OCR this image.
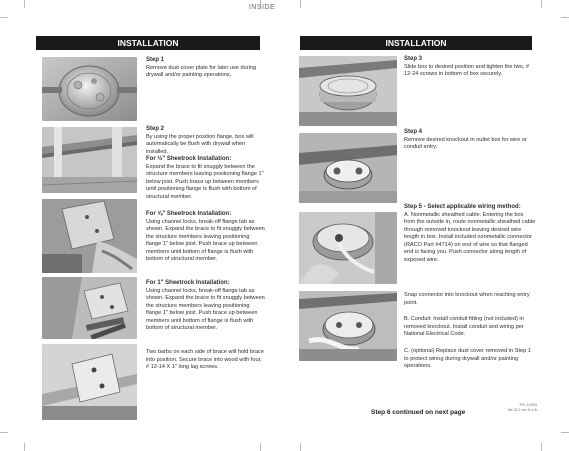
INSIDE
INSTALLATION
Step 1
Remove dust cover plate for later use during drywall and/or painting operations.
Step 2
By using the proper position flange, box will automatically be flush with drywall when installed.
For ½" Sheetrock Installation:
Expand the brace to fit snuggly between the structure members leaving positioning flange 1" below joist. Push brace up between members until positioning flange is flush with bottom of structural member.
For ⅝" Sheetrock Installation:
Using channel locks, break-off flange tab as shown. Expand the brace to fit snuggly between the structure members leaving positioning flange 1" below joist. Push brace up between members until bottom of flange is flush with bottom of structural member.
For 1" Sheetrock Installation:
Using channel locks, break-off flange tab as shown. Expand the brace to fit snuggly between the structure members leaving positioning flange 1" below joist. Push brace up between members until bottom of flange is flush with bottom of structural member.
Two barbs on each side of brace will hold brace into position. Secure brace into wood with four, # 12-14 X 1" long lag screws.
INSTALLATION
Step 3
Slide box to desired position and tighten the two, # 12-24 screws in bottom of box securely.
Step 4
Remove desired knockout in outlet box for wire or conduit entry.
Step 5 - Select applicable wiring method:
A. Nonmetallic sheathed cable. Entering the box from the outside in, route nonmetallic sheathed cable through removed knockout leaving desired wire length in box. Install included nonmetallic connector (RACO Part #4714) on end of wire so that flanged end is facing you. Push connector along length of exposed wire.
Snap connector into knockout when reaching entry point.
B. Conduit: Install conduit fitting (not included) in removed knockout. Install conduit and wiring per National Electrical Code.
C. (optional) Replace dust cover removed in Step 1 to protect wiring during drywall and/or painting operations.
Step 6 continued on next page
PN 11943
IW-321 rev 5 e/b
